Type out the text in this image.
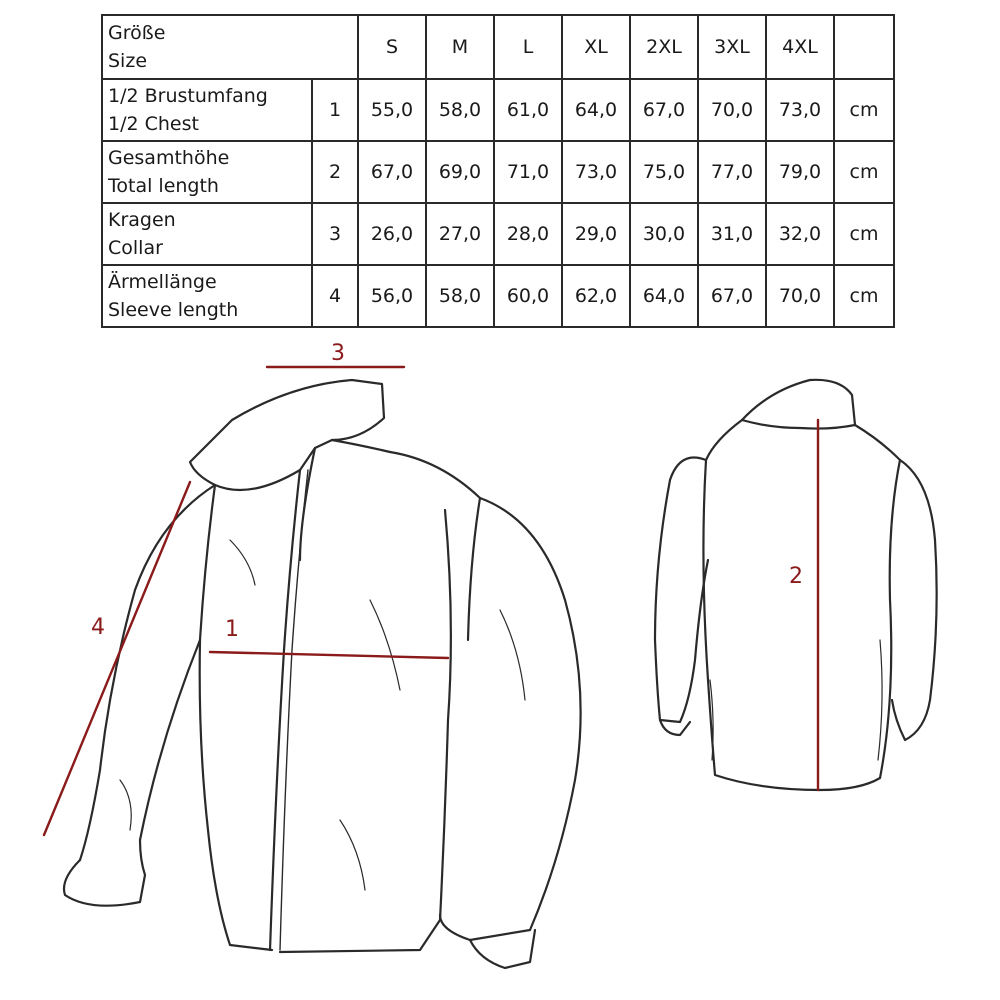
Größe
Size		S	M	L	XL	2XL	3XL	4XL	

1/2 Brustumfang
1/2 Chest	1	55,0	58,0	61,0	64,0	67,0	70,0	73,0	cm

Gesamthöhe
Total length	2	67,0	69,0	71,0	73,0	75,0	77,0	79,0	cm

Kragen
Collar	3	26,0	27,0	28,0	29,0	30,0	31,0	32,0	cm

Ärmellänge
Sleeve length	4	56,0	58,0	60,0	62,0	64,0	67,0	70,0	cm
3
1
4
2
